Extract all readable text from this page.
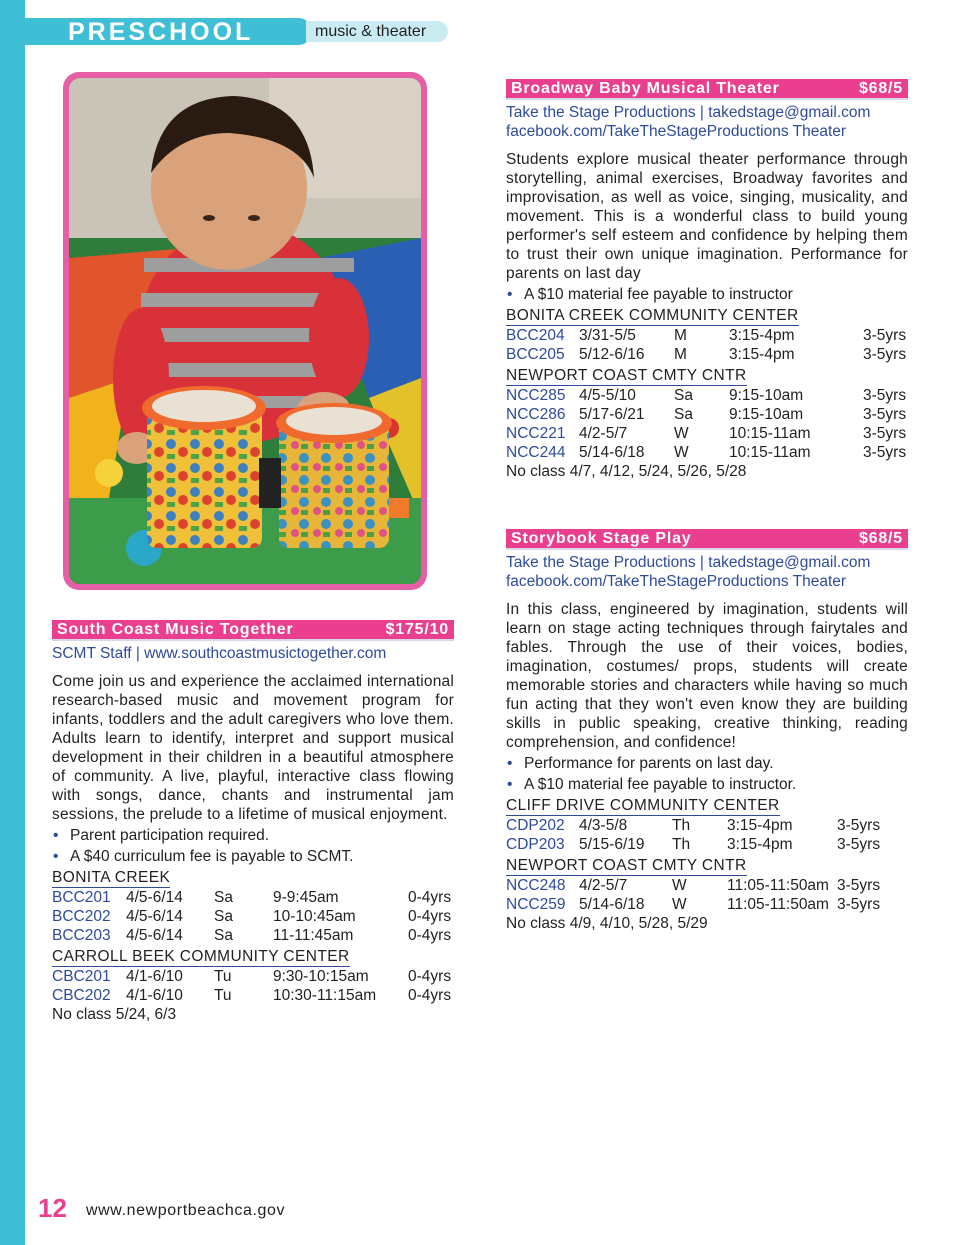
PRESCHOOL	music & theater
South Coast Music Together	$175/10
SCMT Staff | www.southcoastmusictogether.com
Come join us and experience the acclaimed international research-based music and movement program for infants, toddlers and the adult caregivers who love them. Adults learn to identify, interpret and support musical development in their children in a beautiful atmosphere of community. A live, playful, interactive class flowing with songs, dance, chants and instrumental jam sessions, the prelude to a lifetime of musical enjoyment.
• Parent participation required.
• A $40 curriculum fee is payable to SCMT.
BONITA CREEK
BCC201 4/5-6/14 Sa	9-9:45am	0-4yrs
BCC202 4/5-6/14 Sa	10-10:45am	0-4yrs
BCC203 4/5-6/14 Sa	11-11:45am	0-4yrs
CARROLL BEEK COMMUNITY CENTER
CBC201 4/1-6/10 Tu	9:30-10:15am	0-4yrs
CBC202 4/1-6/10 Tu	10:30-11:15am 0-4yrs
No class 5/24, 6/3
Broadway Baby Musical Theater	$68/5
Take the Stage Productions | takedstage@gmail.com
facebook.com/TakeTheStageProductions Theater
Students explore musical theater performance through storytelling, animal exercises, Broadway favorites and improvisation, as well as voice, singing, musicality, and movement. This is a wonderful class to build young performer's self esteem and confidence by helping them to trust their own unique imagination. Performance for parents on last day
• A $10 material fee payable to instructor
BONITA CREEK COMMUNITY CENTER
BCC204 3/31-5/5 M	3:15-4pm	3-5yrs
BCC205 5/12-6/16 M	3:15-4pm	3-5yrs
NEWPORT COAST CMTY CNTR
NCC285 4/5-5/10 Sa 9:15-10am	3-5yrs
NCC286 5/17-6/21 Sa 9:15-10am	3-5yrs
NCC221 4/2-5/7	W	10:15-11am	3-5yrs
NCC244 5/14-6/18 W	10:15-11am	3-5yrs
No class 4/7, 4/12, 5/24, 5/26, 5/28
Storybook Stage Play	$68/5
Take the Stage Productions | takedstage@gmail.com
facebook.com/TakeTheStageProductions Theater
In this class, engineered by imagination, students will learn on stage acting techniques through fairytales and fables. Through the use of their voices, bodies, imagination, costumes/ props, students will create memorable stories and characters while having so much fun acting that they won't even know they are building skills in public speaking, creative thinking, reading comprehension, and confidence!
• Performance for parents on last day.
• A $10 material fee payable to instructor.
CLIFF DRIVE COMMUNITY CENTER
CDP202 4/3-5/8	Th 3:15-4pm	3-5yrs
CDP203 5/15-6/19 Th 3:15-4pm	3-5yrs
NEWPORT COAST CMTY CNTR
NCC248 4/2-5/7	W	11:05-11:50am 3-5yrs
NCC259 5/14-6/18 W	11:05-11:50am 3-5yrs
No class 4/9, 4/10, 5/28, 5/29
12 www.newportbeachca.gov
